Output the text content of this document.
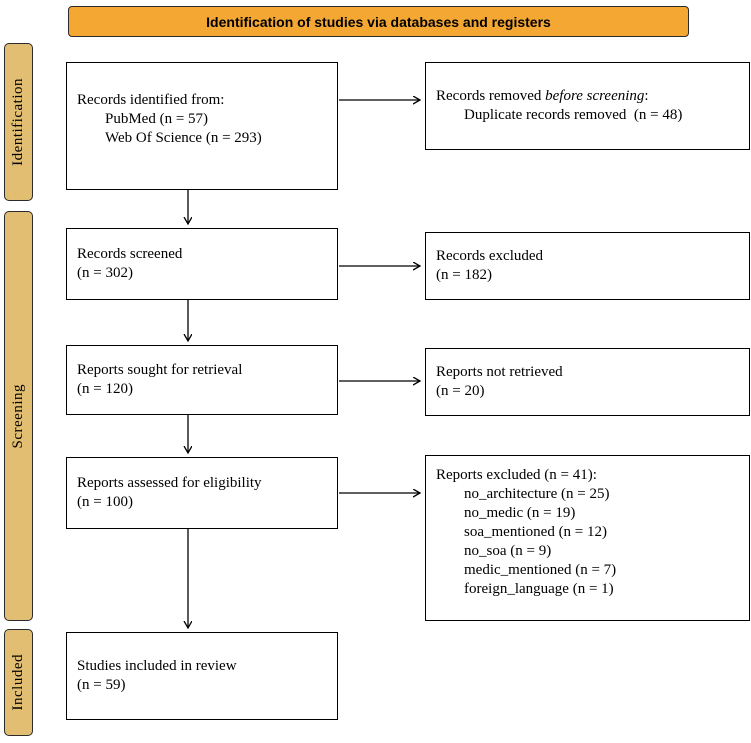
Identification of studies via databases and registers
Identification
Screening
Included
Records identified from:
PubMed (n = 57)
Web Of Science (n = 293)
Records screened
(n = 302)
Reports sought for retrieval
(n = 120)
Reports assessed for eligibility
(n = 100)
Studies included in review
(n = 59)
Records removed before screening:
Duplicate records removed  (n = 48)
Records excluded
(n = 182)
Reports not retrieved
(n = 20)
Reports excluded (n = 41):
no_architecture (n = 25)
no_medic (n = 19)
soa_mentioned (n = 12)
no_soa (n = 9)
medic_mentioned (n = 7)
foreign_language (n = 1)
